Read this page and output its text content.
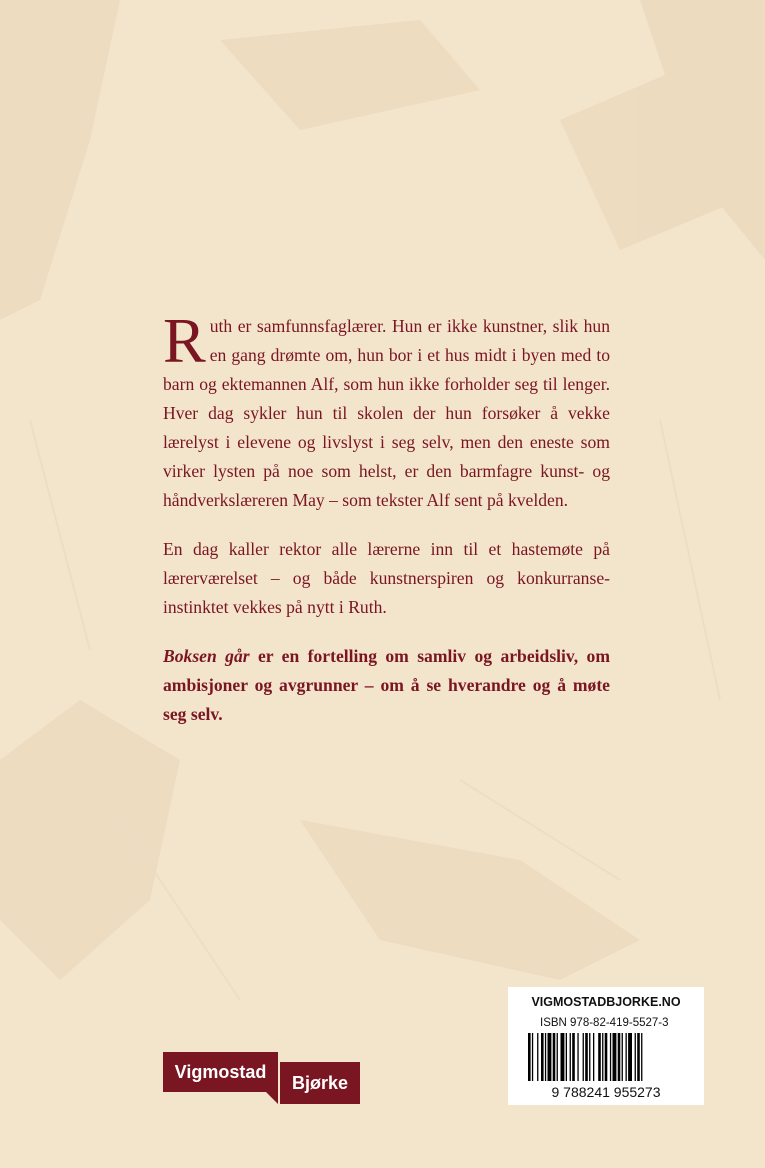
Ruth er samfunnsfaglærer. Hun er ikke kunstner, slik hun en gang drømte om, hun bor i et hus midt i byen med to barn og ektemannen Alf, som hun ikke forholder seg til lenger. Hver dag sykler hun til skolen der hun forsøker å vekke lærelyst i elevene og livslyst i seg selv, men den eneste som virker lysten på noe som helst, er den barmfagre kunst- og håndverkslæreren May – som tekster Alf sent på kvelden.

En dag kaller rektor alle lærerne inn til et hastemøte på lærerværelset – og både kunstnerspiren og konkurranse-instinktet vekkes på nytt i Ruth.

Boksen går er en fortelling om samliv og arbeidsliv, om ambisjoner og avgrunner – om å se hverandre og å møte seg selv.

Vigmostad
Bjørke
VIGMOSTADBJORKE.NO
ISBN 978-82-419-5527-3
9 788241 955273
